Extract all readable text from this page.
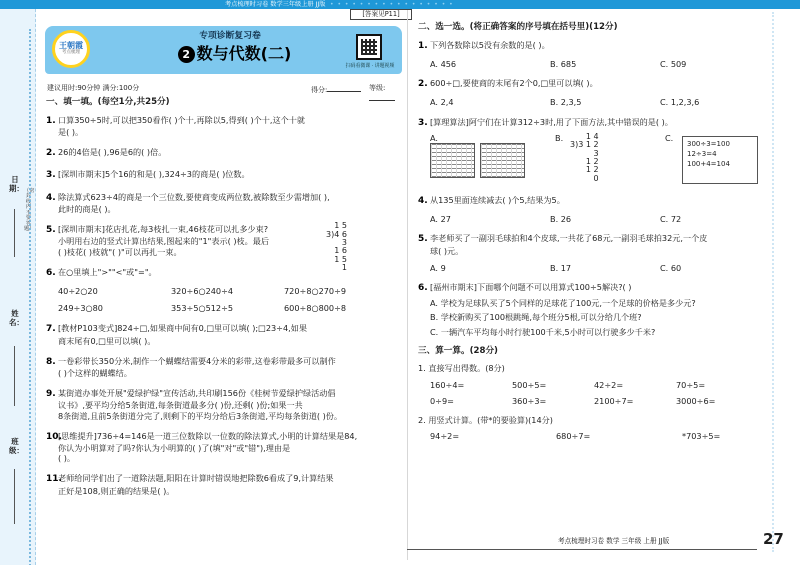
考点梳理时习卷 数学三年级上册 JJ版 • • • • • • • • • • • • • • • • •
[答案见P11]
日期：
姓名：
班级：
（密封线内不要答题）
王朝霞
考点梳理
专项诊断复习卷
2 数与代数(二)
扫码看微课 · 讲题视频
建议用时:90分钟 满分:100分	得分:	等级:
一、填一填。(每空1分,共25分)
1. 口算350÷5时,可以把350看作( )个十,再除以5,得到( )个十,这个十就
是( )。
2. 26的4倍是( ),96是6的( )倍。
3. [深圳市期末]5个16的和是( ),324÷3的商是( )位数。
4. 除法算式623÷4的商是一个三位数,要使商变成两位数,被除数至少需增加( ),
此时的商是( )。
5. [深圳市期末]花店扎花,每3枝扎一束,46枝花可以扎多少束?
小明用右边的竖式计算出结果,图起来的"1"表示( )枝。最后
( )枝花( )枝就"( )"可以再扎一束。
1 5
3)4 6
3
1 6
1 5
1
6. 在○里填上">""<"或"="。
40÷2○20	320÷6○240÷4	720÷8○270÷9
249÷3○80	353÷5○512÷5	600÷8○800÷8
7. [教材P103变式]824÷□,如果商中间有0,□里可以填( );□23÷4,如果
商末尾有0,□里可以填( )。
8. 一卷彩带长350分米,制作一个蝴蝶结需要4分米的彩带,这卷彩带最多可以制作
( )个这样的蝴蝶结。
9. 某街道办事处开展"爱绿护绿"宣传活动,共印刷156份《桂树节爱绿护绿活动倡
议书》,要平均分给5条街道,每条街道最多分( )份,还剩( )份;如果一共
8条街道,且前5条街道分完了,则剩下的平均分给后3条街道,平均每条街道( )份。
10.[思维提升]736÷4=146是一道三位数除以一位数的除法算式,小明的计算结果是84,
你认为小明算对了吗?你认为小明算的( )了(填"对"或"错"),理由是
( )。
11.老师给同学们出了一道除法题,阳阳在计算时错误地把除数6看成了9,计算结果
正好是108,则正确的结果是( )。
二、选一选。(将正确答案的序号填在括号里)(12分)
1. 下列各数除以5没有余数的是( )。
A. 456	B. 685	C. 509
2. 600÷□,要使商的末尾有2个0,□里可以填( )。
A. 2,4	B. 2,3,5	C. 1,2,3,6
3. [算理算法]阿宁们在计算312÷3时,用了下面方法,其中错误的是( )。
A.	B.	1 4
3)3 1 2
3
1 2
1 2
0
C.
300÷3=100
12÷3=4
100+4=104
4. 从135里面连续减去( )个5,结果为5。
A. 27	B. 26	C. 72
5. 李老师买了一副羽毛球拍和4个皮球,一共花了68元,一副羽毛球拍32元,一个皮
球( )元。
A. 9	B. 17	C. 60
6. [福州市期末]下面哪个问题不可以用算式100÷5解决?( )
A. 学校为足球队买了5个同样的足球花了100元,一个足球的价格是多少元?
B. 学校新购买了100根跳绳,每个班分5根,可以分给几个班?
C. 一辆汽车平均每小时行驶100千米,5小时可以行驶多少千米?
三、算一算。(28分)
1. 直接写出得数。(8分)
160÷4=	500÷5=	42÷2=	70÷5=
0÷9=	360÷3=	2100÷7=	3000÷6=
2. 用竖式计算。(带*的要验算)(14分)
94÷2=	680÷7=	*703÷5=
考点梳理时习卷 数学 三年级 上册 JJ版	27
